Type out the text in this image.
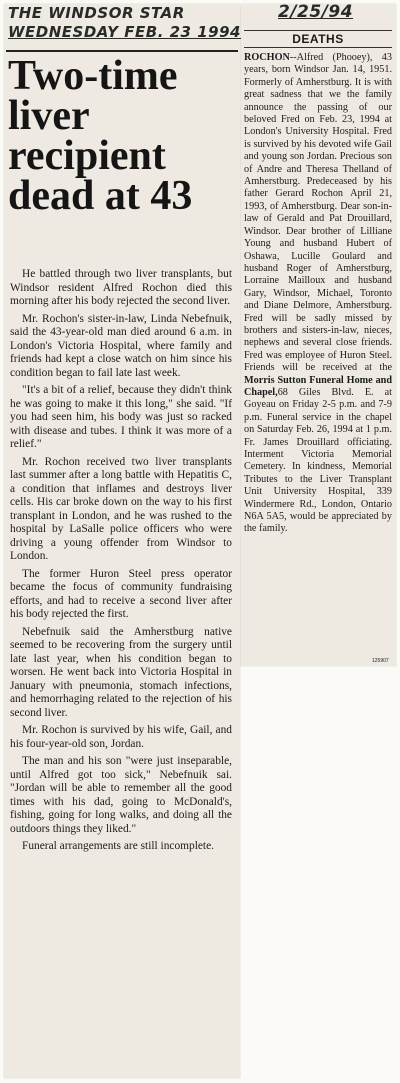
THE WINDSOR STAR
WEDNESDAY FEB. 23 1994
Two-time
liver
recipient
dead at 43

He battled through two liver transplants, but Windsor resident Alfred Rochon died this morning after his body rejected the second liver.

Mr. Rochon's sister-in-law, Linda Nebefnuik, said the 43-year-old man died around 6 a.m. in London's Victoria Hospital, where family and friends had kept a close watch on him since his condition began to fail late last week.

"It's a bit of a relief, because they didn't think he was going to make it this long," she said. "If you had seen him, his body was just so racked with disease and tubes. I think it was more of a relief."

Mr. Rochon received two liver transplants last summer after a long battle with Hepatitis C, a condition that inflames and destroys liver cells. His car broke down on the way to his first transplant in London, and he was rushed to the hospital by LaSalle police officers who were driving a young offender from Windsor to London.

The former Huron Steel press operator became the focus of community fundraising efforts, and had to receive a second liver after his body rejected the first.

Nebefnuik said the Amherstburg native seemed to be recovering from the surgery until late last year, when his condition began to worsen. He went back into Victoria Hospital in January with pneumonia, stomach infections, and hemorrhaging related to the rejection of his second liver.

Mr. Rochon is survived by his wife, Gail, and his four-year-old son, Jordan.

The man and his son "were just inseparable, until Alfred got too sick," Nebefnuik sai. "Jordan will be able to remember all the good times with his dad, going to McDonald's, fishing, going for long walks, and doing all the outdoors things they liked."

Funeral arrangements are still incomplete.

2/25/94
DEATHS

ROCHON--Alfred (Phooey), 43 years, born Windsor Jan. 14, 1951. Formerly of Amherstburg. It is with great sadness that we the family announce the passing of our beloved Fred on Feb. 23, 1994 at London's University Hospital. Fred is survived by his devoted wife Gail and young son Jordan. Precious son of Andre and Theresa Thelland of Amherstburg. Predeceased by his father Gerard Rochon April 21, 1993, of Amherstburg. Dear son-in-law of Gerald and Pat Drouillard, Windsor. Dear brother of Lilliane Young and husband Hubert of Oshawa, Lucille Goulard and husband Roger of Amherstburg, Lorraine Mailloux and husband Gary, Windsor, Michael, Toronto and Diane Delmore, Amherstburg. Fred will be sadly missed by brothers and sisters-in-law, nieces, nephews and several close friends. Fred was employee of Huron Steel. Friends will be received at the Morris Sutton Funeral Home and Chapel,68 Giles Blvd. E. at Goyeau on Friday 2-5 p.m. and 7-9 p.m. Funeral service in the chapel on Saturday Feb. 26, 1994 at 1 p.m. Fr. James Drouillard officiating. Interment Victoria Memorial Cemetery. In kindness, Memorial Tributes to the Liver Transplant Unit University Hospital, 339 Windermere Rd., London, Ontario N6A 5A5, would be appreciated by the family.

125907
